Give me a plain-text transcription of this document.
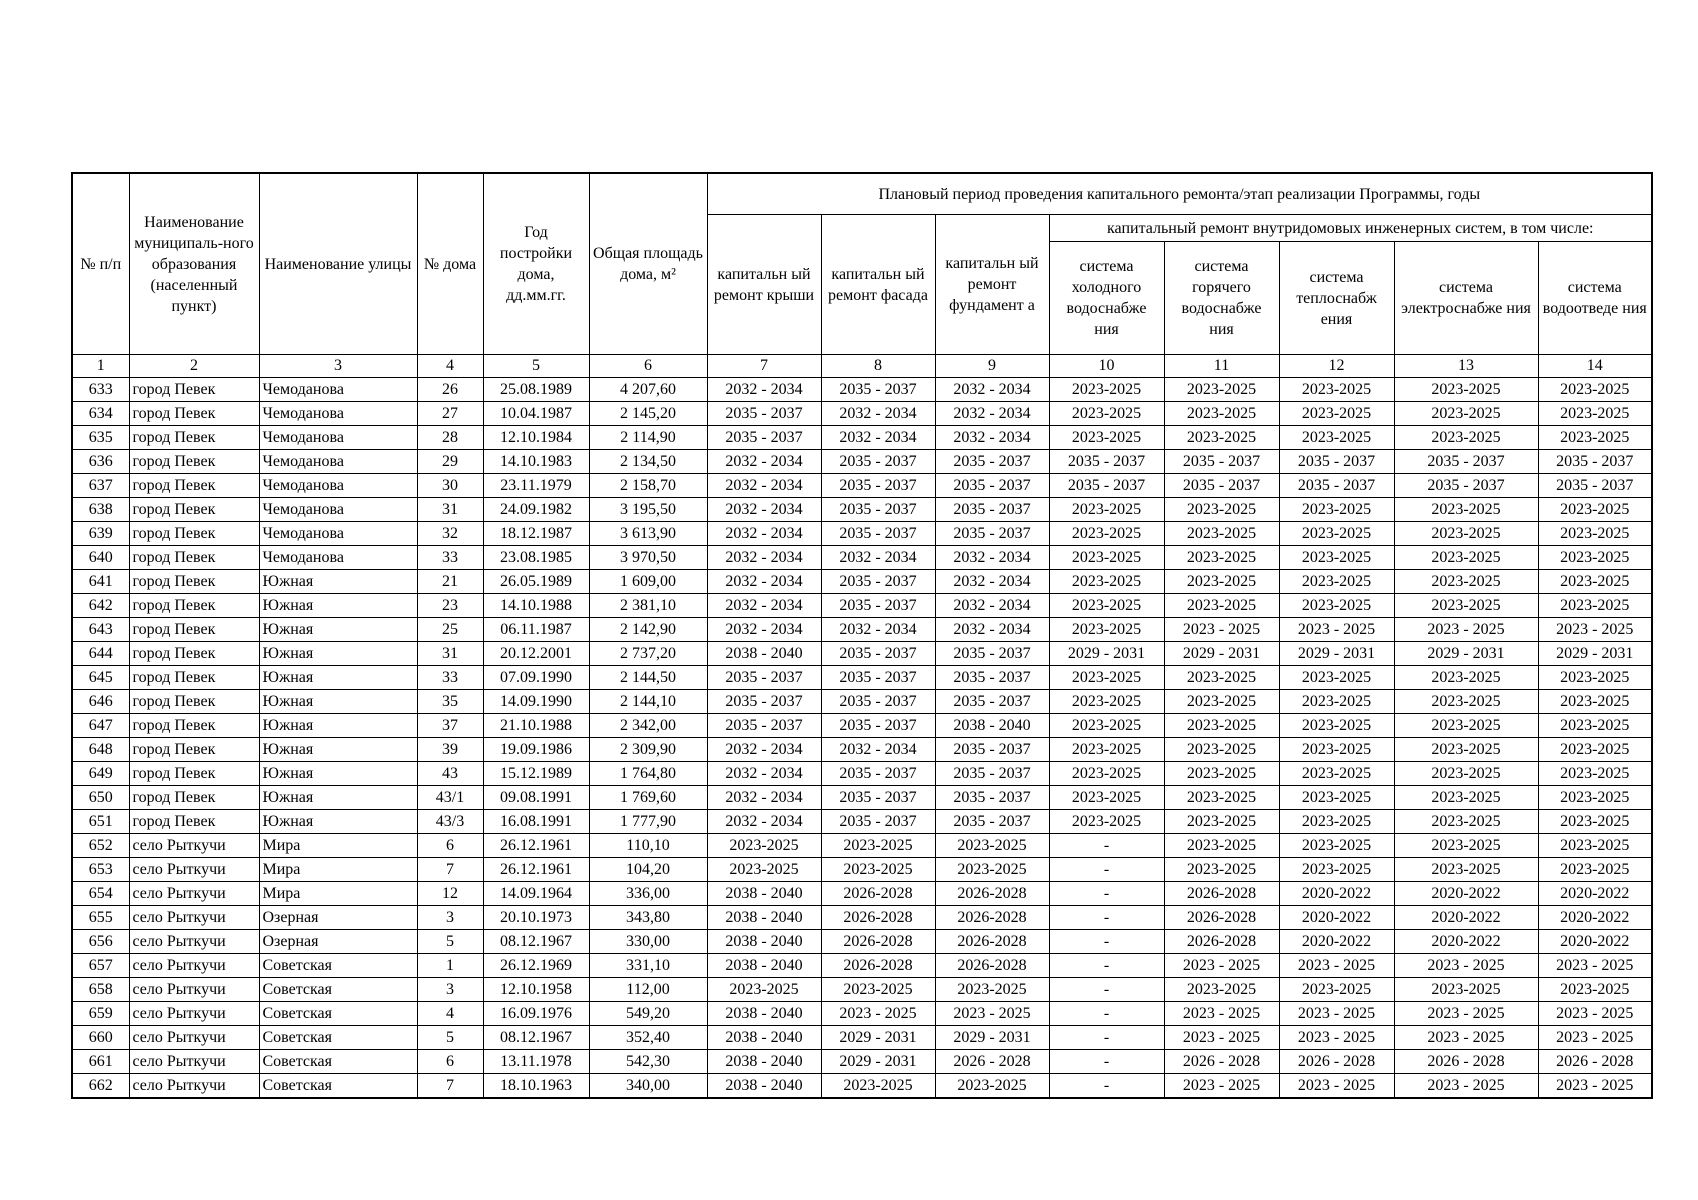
№ п/п	Наименование муниципаль-ного образования (населенный пункт)	Наименование улицы	№ дома	Год постройки дома, дд.мм.гг.	Общая площадь дома, м²	Плановый период проведения капитального ремонта/этап реализации Программы, годы							
						капитальн ый ремонт крыши	капитальн ый ремонт фасада	капитальн ый ремонт фундамент а	капитальный ремонт внутридомовых инженерных систем, в том числе:				
									система холодного водоснабже ния	система горячего водоснабже ния	система теплоснабж ения	система электроснабже ния	система водоотведе ния
1	2	3	4	5	6	7	8	9	10	11	12	13	14
633	город Певек	Чемоданова	26	25.08.1989	4 207,60	2032 - 2034	2035 - 2037	2032 - 2034	2023-2025	2023-2025	2023-2025	2023-2025	2023-2025
634	город Певек	Чемоданова	27	10.04.1987	2 145,20	2035 - 2037	2032 - 2034	2032 - 2034	2023-2025	2023-2025	2023-2025	2023-2025	2023-2025
635	город Певек	Чемоданова	28	12.10.1984	2 114,90	2035 - 2037	2032 - 2034	2032 - 2034	2023-2025	2023-2025	2023-2025	2023-2025	2023-2025
636	город Певек	Чемоданова	29	14.10.1983	2 134,50	2032 - 2034	2035 - 2037	2035 - 2037	2035 - 2037	2035 - 2037	2035 - 2037	2035 - 2037	2035 - 2037
637	город Певек	Чемоданова	30	23.11.1979	2 158,70	2032 - 2034	2035 - 2037	2035 - 2037	2035 - 2037	2035 - 2037	2035 - 2037	2035 - 2037	2035 - 2037
638	город Певек	Чемоданова	31	24.09.1982	3 195,50	2032 - 2034	2035 - 2037	2035 - 2037	2023-2025	2023-2025	2023-2025	2023-2025	2023-2025
639	город Певек	Чемоданова	32	18.12.1987	3 613,90	2032 - 2034	2035 - 2037	2035 - 2037	2023-2025	2023-2025	2023-2025	2023-2025	2023-2025
640	город Певек	Чемоданова	33	23.08.1985	3 970,50	2032 - 2034	2032 - 2034	2032 - 2034	2023-2025	2023-2025	2023-2025	2023-2025	2023-2025
641	город Певек	Южная	21	26.05.1989	1 609,00	2032 - 2034	2035 - 2037	2032 - 2034	2023-2025	2023-2025	2023-2025	2023-2025	2023-2025
642	город Певек	Южная	23	14.10.1988	2 381,10	2032 - 2034	2035 - 2037	2032 - 2034	2023-2025	2023-2025	2023-2025	2023-2025	2023-2025
643	город Певек	Южная	25	06.11.1987	2 142,90	2032 - 2034	2032 - 2034	2032 - 2034	2023-2025	2023 - 2025	2023 - 2025	2023 - 2025	2023 - 2025
644	город Певек	Южная	31	20.12.2001	2 737,20	2038 - 2040	2035 - 2037	2035 - 2037	2029 - 2031	2029 - 2031	2029 - 2031	2029 - 2031	2029 - 2031
645	город Певек	Южная	33	07.09.1990	2 144,50	2035 - 2037	2035 - 2037	2035 - 2037	2023-2025	2023-2025	2023-2025	2023-2025	2023-2025
646	город Певек	Южная	35	14.09.1990	2 144,10	2035 - 2037	2035 - 2037	2035 - 2037	2023-2025	2023-2025	2023-2025	2023-2025	2023-2025
647	город Певек	Южная	37	21.10.1988	2 342,00	2035 - 2037	2035 - 2037	2038 - 2040	2023-2025	2023-2025	2023-2025	2023-2025	2023-2025
648	город Певек	Южная	39	19.09.1986	2 309,90	2032 - 2034	2032 - 2034	2035 - 2037	2023-2025	2023-2025	2023-2025	2023-2025	2023-2025
649	город Певек	Южная	43	15.12.1989	1 764,80	2032 - 2034	2035 - 2037	2035 - 2037	2023-2025	2023-2025	2023-2025	2023-2025	2023-2025
650	город Певек	Южная	43/1	09.08.1991	1 769,60	2032 - 2034	2035 - 2037	2035 - 2037	2023-2025	2023-2025	2023-2025	2023-2025	2023-2025
651	город Певек	Южная	43/3	16.08.1991	1 777,90	2032 - 2034	2035 - 2037	2035 - 2037	2023-2025	2023-2025	2023-2025	2023-2025	2023-2025
652	село Рыткучи	Мира	6	26.12.1961	110,10	2023-2025	2023-2025	2023-2025	-	2023-2025	2023-2025	2023-2025	2023-2025
653	село Рыткучи	Мира	7	26.12.1961	104,20	2023-2025	2023-2025	2023-2025	-	2023-2025	2023-2025	2023-2025	2023-2025
654	село Рыткучи	Мира	12	14.09.1964	336,00	2038 - 2040	2026-2028	2026-2028	-	2026-2028	2020-2022	2020-2022	2020-2022
655	село Рыткучи	Озерная	3	20.10.1973	343,80	2038 - 2040	2026-2028	2026-2028	-	2026-2028	2020-2022	2020-2022	2020-2022
656	село Рыткучи	Озерная	5	08.12.1967	330,00	2038 - 2040	2026-2028	2026-2028	-	2026-2028	2020-2022	2020-2022	2020-2022
657	село Рыткучи	Советская	1	26.12.1969	331,10	2038 - 2040	2026-2028	2026-2028	-	2023 - 2025	2023 - 2025	2023 - 2025	2023 - 2025
658	село Рыткучи	Советская	3	12.10.1958	112,00	2023-2025	2023-2025	2023-2025	-	2023-2025	2023-2025	2023-2025	2023-2025
659	село Рыткучи	Советская	4	16.09.1976	549,20	2038 - 2040	2023 - 2025	2023 - 2025	-	2023 - 2025	2023 - 2025	2023 - 2025	2023 - 2025
660	село Рыткучи	Советская	5	08.12.1967	352,40	2038 - 2040	2029 - 2031	2029 - 2031	-	2023 - 2025	2023 - 2025	2023 - 2025	2023 - 2025
661	село Рыткучи	Советская	6	13.11.1978	542,30	2038 - 2040	2029 - 2031	2026 - 2028	-	2026 - 2028	2026 - 2028	2026 - 2028	2026 - 2028
662	село Рыткучи	Советская	7	18.10.1963	340,00	2038 - 2040	2023-2025	2023-2025	-	2023 - 2025	2023 - 2025	2023 - 2025	2023 - 2025
